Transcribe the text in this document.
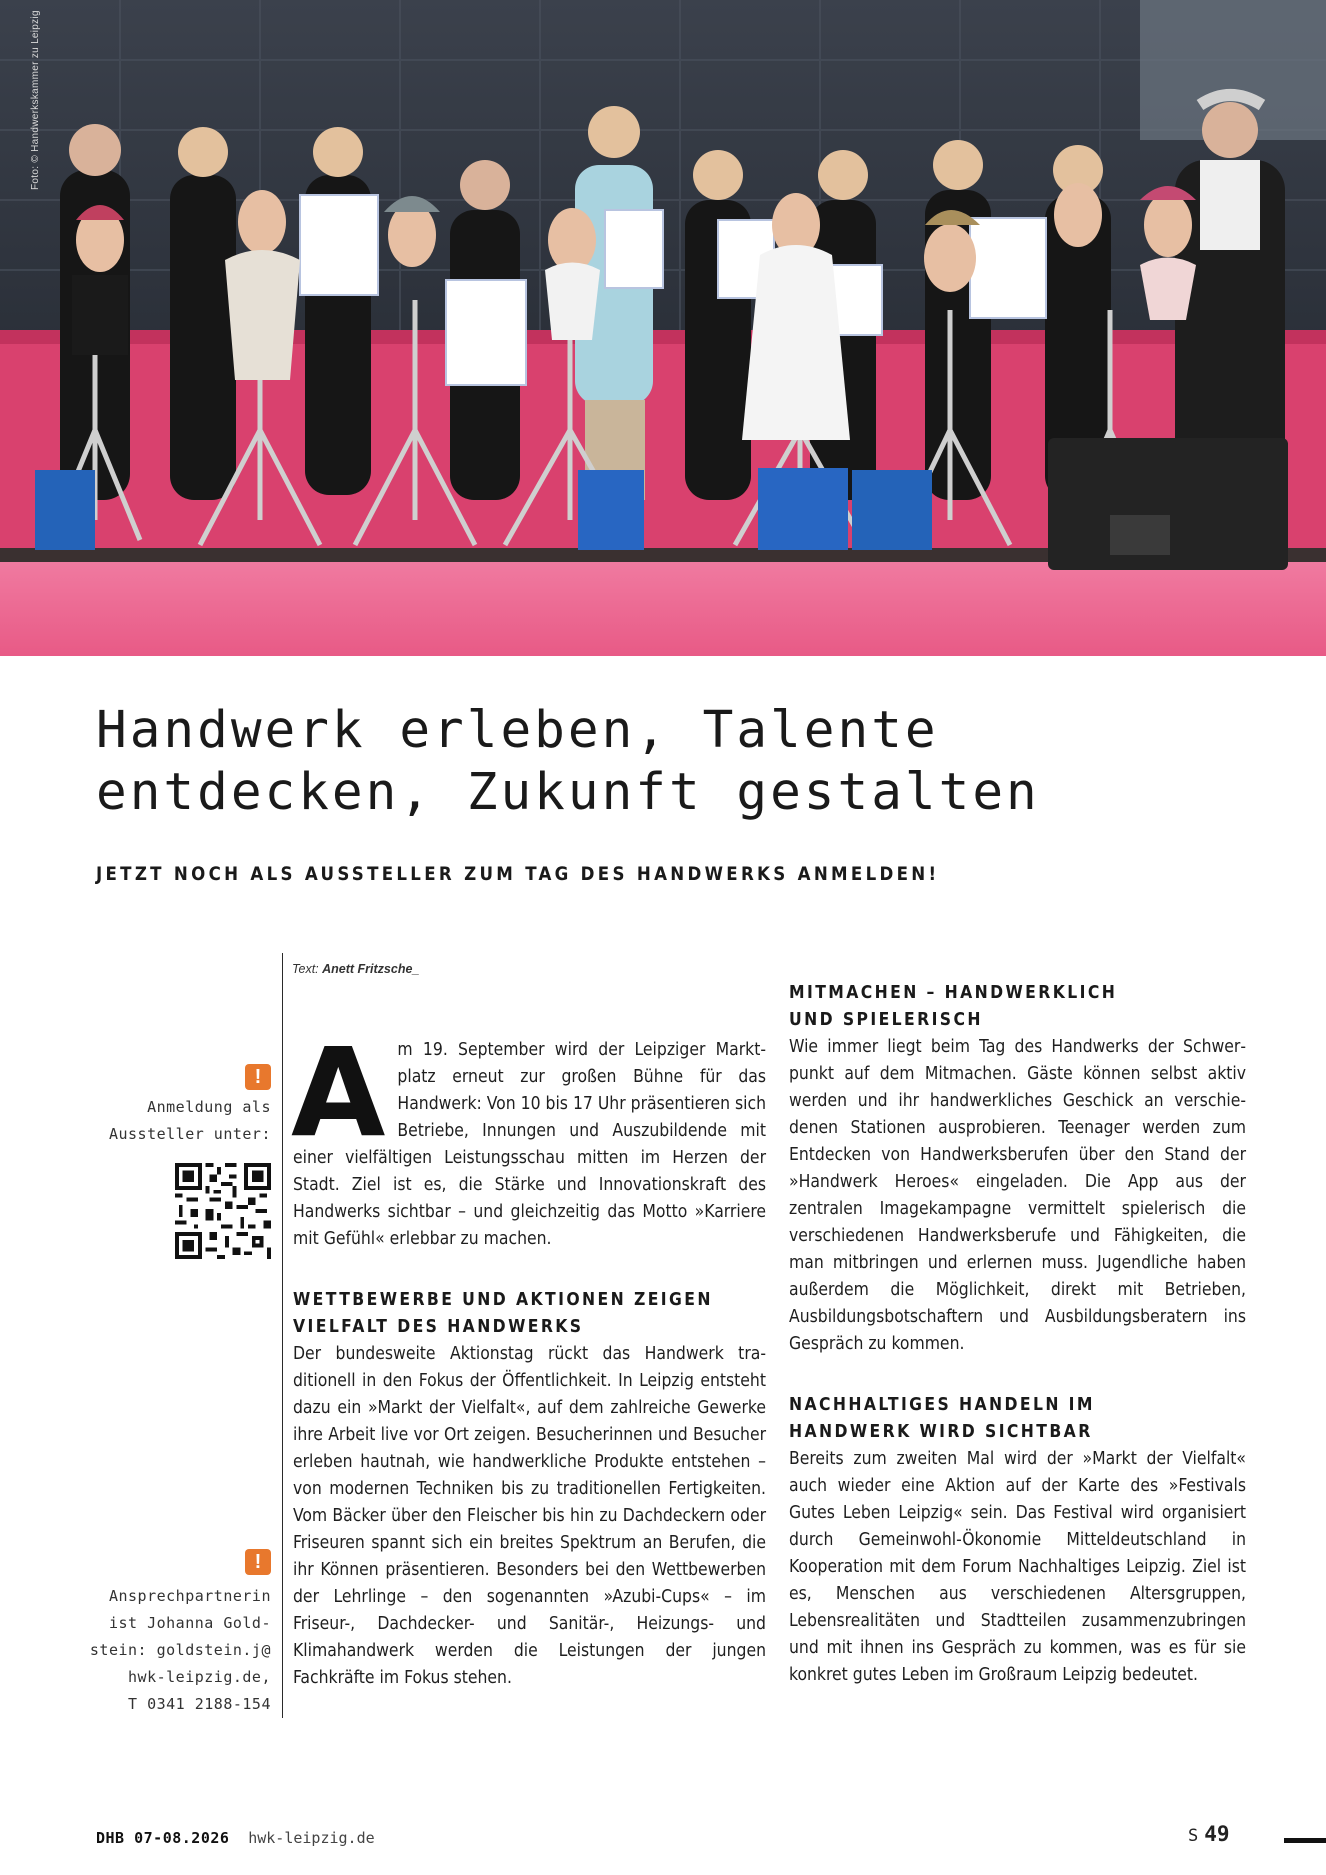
Foto: © Handwerkskammer zu Leipzig
Handwerk erleben, Talente
entdecken, Zukunft gestalten
JETZT NOCH ALS AUSSTELLER ZUM TAG DES HANDWERKS ANMELDEN!
!
Anmeldung als
Aussteller unter:
!
Ansprechpartnerin
ist Johanna Gold-
stein: goldstein.j@
hwk-leipzig.de,
T 0341 2188-154
Text: Anett Fritzsche_

Am 19. September wird der Leipziger Marktplatz erneut zur großen Bühne für das Handwerk: Von 10 bis 17 Uhr präsentieren sich Betriebe, Innungen und Auszubildende mit einer vielfältigen Leistungsschau mitten im Herzen der Stadt. Ziel ist es, die Stärke und Innovationskraft des Handwerks sichtbar – und gleichzeitig das Motto »Karriere mit Gefühl« erlebbar zu machen.

WETTBEWERBE UND AKTIONEN ZEIGEN
VIELFALT DES HANDWERKS

Der bundesweite Aktionstag rückt das Handwerk traditionell in den Fokus der Öffentlichkeit. In Leipzig entsteht dazu ein »Markt der Vielfalt«, auf dem zahlreiche Gewerke ihre Arbeit live vor Ort zeigen. Besucherinnen und Besucher erleben hautnah, wie handwerkliche Produkte entstehen – von modernen Techniken bis zu traditionellen Fertigkeiten. Vom Bäcker über den Fleischer bis hin zu Dachdeckern oder Friseuren spannt sich ein breites Spektrum an Berufen, die ihr Können präsentieren. Besonders bei den Wettbewerben der Lehrlinge – den sogenannten »Azubi-Cups« – im Friseur-, Dachdecker- und Sanitär-, Heizungs- und Klimahandwerk werden die Leistungen der jungen Fachkräfte im Fokus stehen.

MITMACHEN – HANDWERKLICH
UND SPIELERISCH

Wie immer liegt beim Tag des Handwerks der Schwerpunkt auf dem Mitmachen. Gäste können selbst aktiv werden und ihr handwerkliches Geschick an verschiedenen Stationen ausprobieren. Teenager werden zum Entdecken von Handwerksberufen über den Stand der »Handwerk Heroes« eingeladen. Die App aus der zentralen Imagekampagne vermittelt spielerisch die verschiedenen Handwerksberufe und Fähigkeiten, die man mitbringen und erlernen muss. Jugendliche haben außerdem die Möglichkeit, direkt mit Betrieben, Ausbildungsbotschaftern und Ausbildungsberatern ins Gespräch zu kommen.

NACHHALTIGES HANDELN IM
HANDWERK WIRD SICHTBAR

Bereits zum zweiten Mal wird der »Markt der Vielfalt« auch wieder eine Aktion auf der Karte des »Festivals Gutes Leben Leipzig« sein. Das Festival wird organisiert durch Gemeinwohl-Ökonomie Mitteldeutschland in Kooperation mit dem Forum Nachhaltiges Leipzig. Ziel ist es, Menschen aus verschiedenen Altersgruppen, Lebensrealitäten und Stadtteilen zusammenzubringen und mit ihnen ins Gespräch zu kommen, was es für sie konkret gutes Leben im Großraum Leipzig bedeutet.

DHB 07-08.2026 hwk-leipzig.de	S 49
